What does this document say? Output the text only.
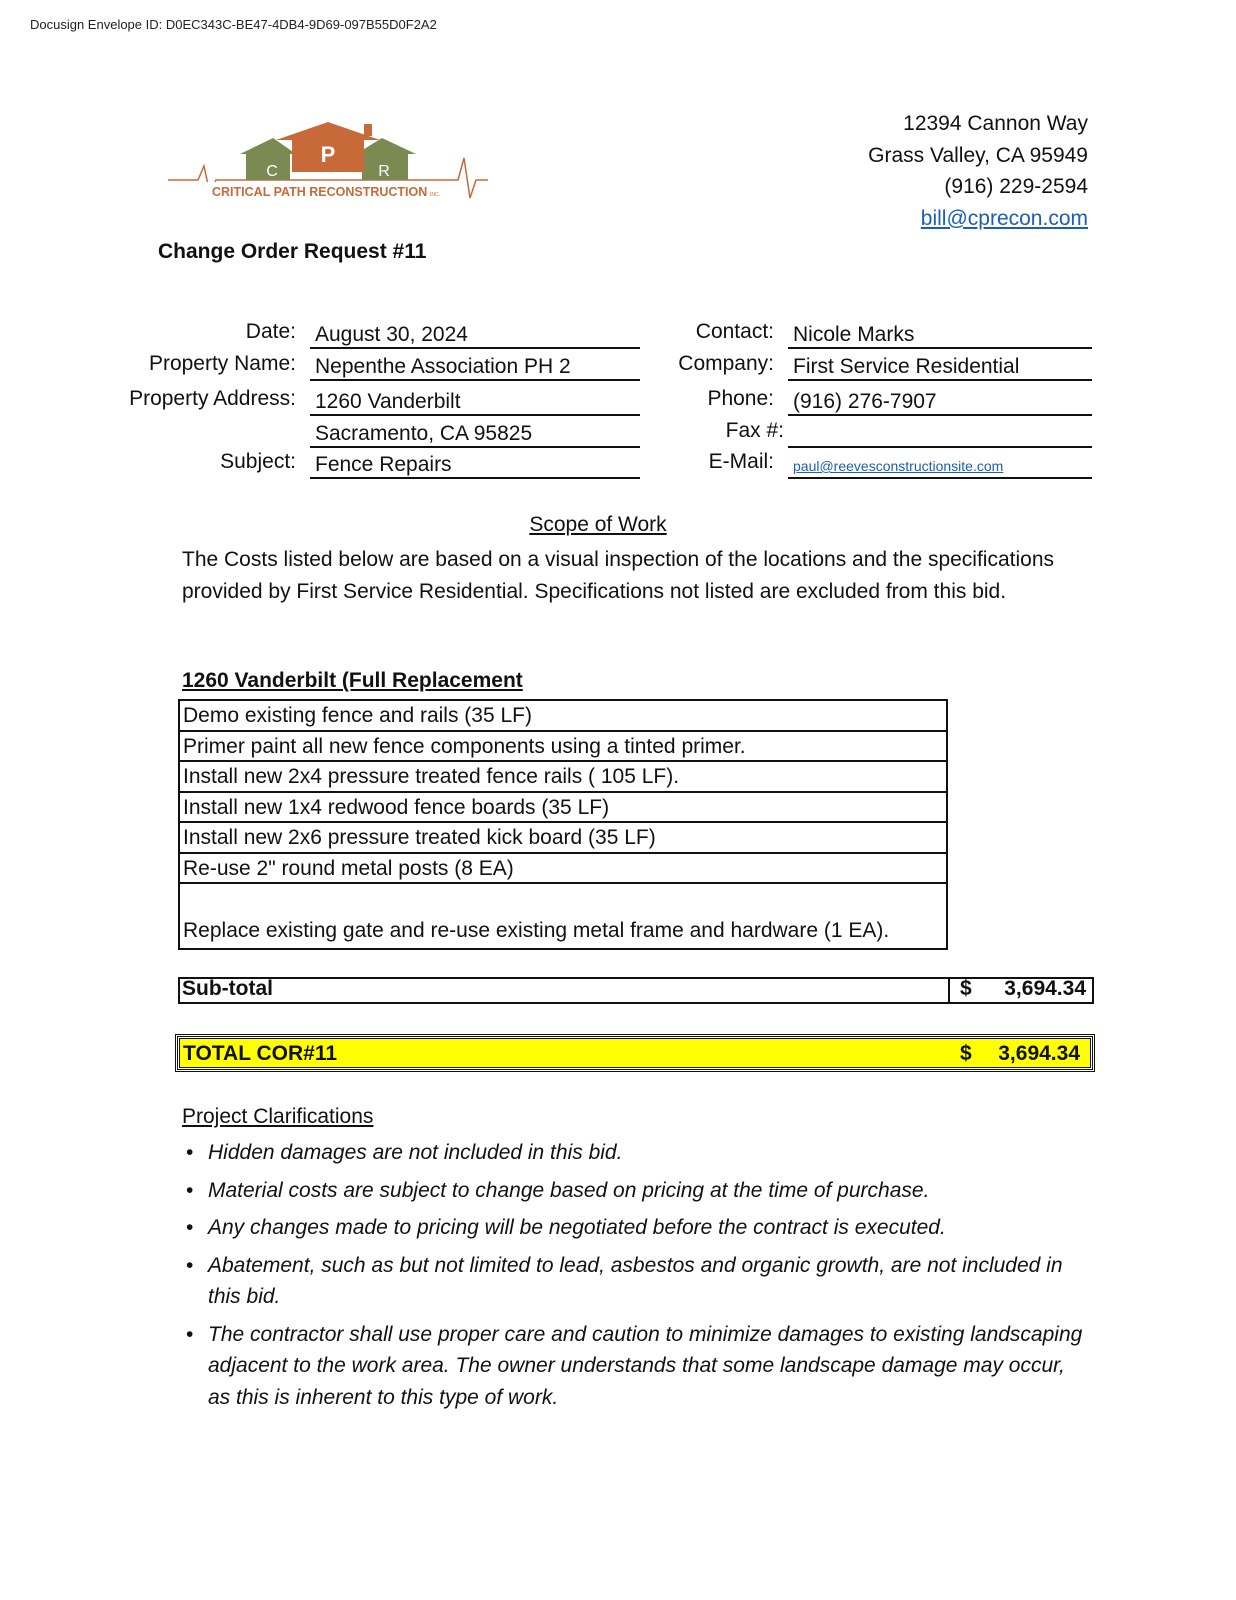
Docusign Envelope ID: D0EC343C-BE47-4DB4-9D69-097B55D0F2A2
P
C	R
CRITICAL PATH RECONSTRUCTION INC.
12394 Cannon Way
Grass Valley, CA 95949
(916) 229-2594
bill@cprecon.com
Change Order Request #11
Date: August 30, 2024
Property Name: Nepenthe Association PH 2
Property Address: 1260 Vanderbilt
Sacramento, CA 95825
Subject: Fence Repairs
Contact: Nicole Marks
Company: First Service Residential
Phone: (916) 276-7907
Fax #:
E-Mail:	paul@reevesconstructionsite.com
Scope of Work
The Costs listed below are based on a visual inspection of the locations and the specifications provided by First Service Residential. Specifications not listed are excluded from this bid.
1260 Vanderbilt (Full Replacement
Demo existing fence and rails (35 LF)
Primer paint all new fence components using a tinted primer.
Install new 2x4 pressure treated fence rails ( 105 LF).
Install new 1x4 redwood fence boards (35 LF)
Install new 2x6 pressure treated kick board (35 LF)
Re-use 2" round metal posts (8 EA)
Replace existing gate and re-use existing metal frame and hardware (1 EA).
Sub-total	$ 3,694.34
TOTAL COR#11	$ 3,694.34
Project Clarifications
• Hidden damages are not included in this bid.
• Material costs are subject to change based on pricing at the time of purchase.
• Any changes made to pricing will be negotiated before the contract is executed.
• Abatement, such as but not limited to lead, asbestos and organic growth, are not included in this bid.
• The contractor shall use proper care and caution to minimize damages to existing landscaping adjacent to the work area. The owner understands that some landscape damage may occur, as this is inherent to this type of work.
